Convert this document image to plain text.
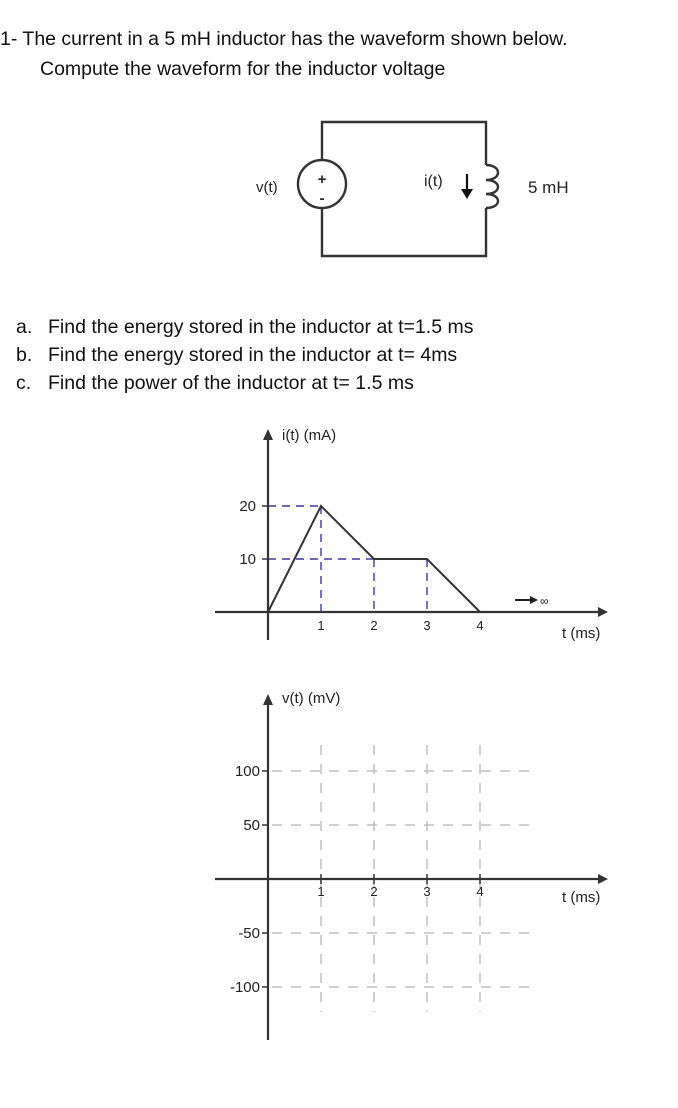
1- The current in a 5 mH inductor has the waveform shown below.
Compute the waveform for the inductor voltage
a. Find the energy stored in the inductor at t=1.5 ms
b. Find the energy stored in the inductor at t= 4ms
c. Find the power of the inductor at t= 1.5 ms
+
-
v(t)	i(t)	5 mH
i(t) (mA)
t (ms)
20
10
1	2	3	4
∞
v(t) (mV)
t (ms)
100
50
-50
-100
1	2	3	4
